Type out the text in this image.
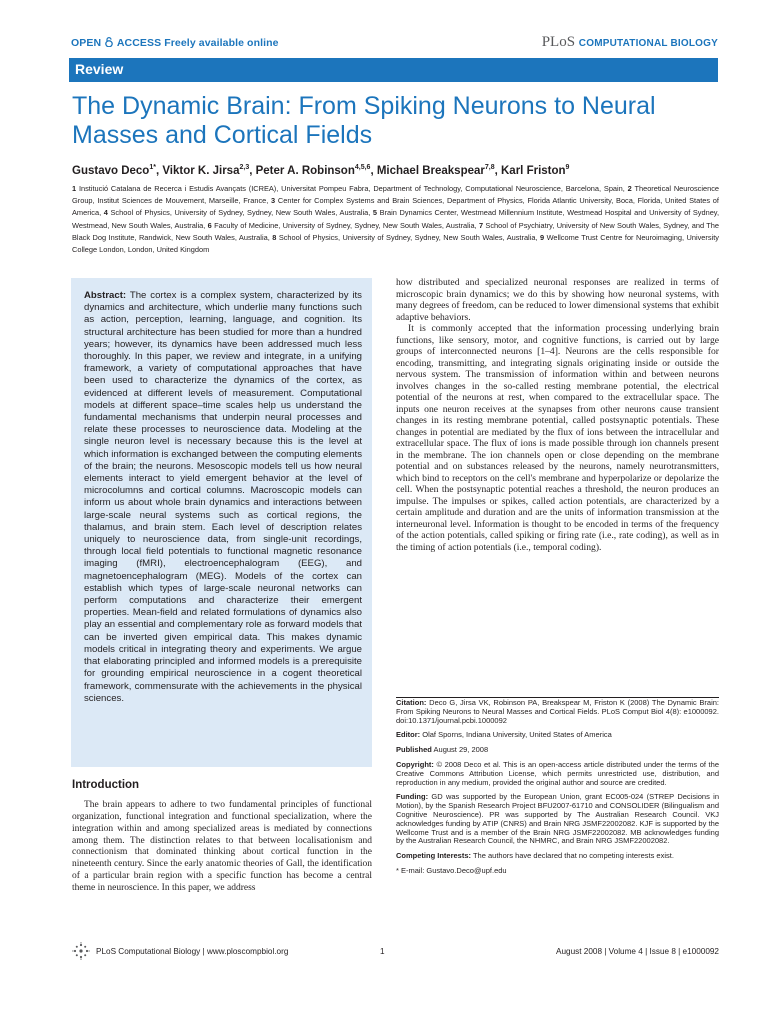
OPEN ACCESS Freely available online	PLoS COMPUTATIONAL BIOLOGY
Review
The Dynamic Brain: From Spiking Neurons to Neural Masses and Cortical Fields
Gustavo Deco$^{1*}$, Viktor K. Jirsa$^{2,3}$, Peter A. Robinson$^{4,5,6}$, Michael Breakspear$^{7,8}$, Karl Friston$^9$
1 Institució Catalana de Recerca i Estudis Avançats (ICREA), Universitat Pompeu Fabra, Department of Technology, Computational Neuroscience, Barcelona, Spain, 2 Theoretical Neuroscience Group, Institut Sciences de Mouvement, Marseille, France, 3 Center for Complex Systems and Brain Sciences, Department of Physics, Florida Atlantic University, Boca, Florida, United States of America, 4 School of Physics, University of Sydney, Sydney, New South Wales, Australia, 5 Brain Dynamics Center, Westmead Millennium Institute, Westmead Hospital and University of Sydney, Westmead, New South Wales, Australia, 6 Faculty of Medicine, University of Sydney, Sydney, New South Wales, Australia, 7 School of Psychiatry, University of New South Wales, Sydney, and The Black Dog Institute, Randwick, New South Wales, Australia, 8 School of Physics, University of Sydney, Sydney, New South Wales, Australia, 9 Wellcome Trust Centre for Neuroimaging, University College London, London, United Kingdom

Abstract: The cortex is a complex system, characterized by its dynamics and architecture, which underlie many functions such as action, perception, learning, language, and cognition. Its structural architecture has been studied for more than a hundred years; however, its dynamics have been addressed much less thoroughly. In this paper, we review and integrate, in a unifying framework, a variety of computational approaches that have been used to characterize the dynamics of the cortex, as evidenced at different levels of measurement. Computational models at different space–time scales help us understand the fundamental mechanisms that underpin neural processes and relate these processes to neuroscience data. Modeling at the single neuron level is necessary because this is the level at which information is exchanged between the computing elements of the brain; the neurons. Mesoscopic models tell us how neural elements interact to yield emergent behavior at the level of microcolumns and cortical columns. Macroscopic models can inform us about whole brain dynamics and interactions between large-scale neural systems such as cortical regions, the thalamus, and brain stem. Each level of description relates uniquely to neuroscience data, from single-unit recordings, through local field potentials to functional magnetic resonance imaging (fMRI), electroencephalogram (EEG), and magnetoencephalogram (MEG). Models of the cortex can establish which types of large-scale neuronal networks can perform computations and characterize their emergent properties. Mean-field and related formulations of dynamics also play an essential and complementary role as forward models that can be inverted given empirical data. This makes dynamic models critical in integrating theory and experiments. We argue that elaborating principled and informed models is a prerequisite for grounding empirical neuroscience in a cogent theoretical framework, commensurate with the achievements in the physical sciences.

Introduction

The brain appears to adhere to two fundamental principles of functional organization, functional integration and functional specialization, where the integration within and among specialized areas is mediated by connections among them. The distinction relates to that between localisationism and connectionism that dominated thinking about cortical function in the nineteenth century. Since the early anatomic theories of Gall, the identification of a particular brain region with a specific function has become a central theme in neuroscience. In this paper, we address

how distributed and specialized neuronal responses are realized in terms of microscopic brain dynamics; we do this by showing how neuronal systems, with many degrees of freedom, can be reduced to lower dimensional systems that exhibit adaptive behaviors.

It is commonly accepted that the information processing underlying brain functions, like sensory, motor, and cognitive functions, is carried out by large groups of interconnected neurons [1–4]. Neurons are the cells responsible for encoding, transmitting, and integrating signals originating inside or outside the nervous system. The transmission of information within and between neurons involves changes in the so-called resting membrane potential, the electrical potential of the neurons at rest, when compared to the extracellular space. The inputs one neuron receives at the synapses from other neurons cause transient changes in its resting membrane potential, called postsynaptic potentials. These changes in potential are mediated by the flux of ions between the intracellular and extracellular space. The flux of ions is made possible through ion channels present in the membrane. The ion channels open or close depending on the membrane potential and on substances released by the neurons, namely neurotransmitters, which bind to receptors on the cell's membrane and hyperpolarize or depolarize the cell. When the postsynaptic potential reaches a threshold, the neuron produces an impulse. The impulses or spikes, called action potentials, are characterized by a certain amplitude and duration and are the units of information transmission at the interneuronal level. Information is thought to be encoded in terms of the frequency of the action potentials, called spiking or firing rate (i.e., rate coding), as well as in the timing of action potentials (i.e., temporal coding).

Citation: Deco G, Jirsa VK, Robinson PA, Breakspear M, Friston K (2008) The Dynamic Brain: From Spiking Neurons to Neural Masses and Cortical Fields. PLoS Comput Biol 4(8): e1000092. doi:10.1371/journal.pcbi.1000092
Editor: Olaf Sporns, Indiana University, United States of America
Published August 29, 2008
Copyright: © 2008 Deco et al. This is an open-access article distributed under the terms of the Creative Commons Attribution License, which permits unrestricted use, distribution, and reproduction in any medium, provided the original author and source are credited.
Funding: GD was supported by the European Union, grant EC005-024 (STREP Decisions in Motion), by the Spanish Research Project BFU2007-61710 and CONSOLIDER (Bilingualism and Cognitive Neuroscience). PR was supported by The Australian Research Council. VKJ acknowledges funding by ATIP (CNRS) and Brain NRG JSMF22002082. KJF is supported by the Wellcome Trust and is a member of the Brain NRG JSMF22002082. MB acknowledges funding by the Australian Research Council, the NHMRC, and Brain NRG JSMF22002082.
Competing Interests: The authors have declared that no competing interests exist.
* E-mail: Gustavo.Deco@upf.edu
PLoS Computational Biology | www.ploscompbiol.org	1	August 2008 | Volume 4 | Issue 8 | e1000092
